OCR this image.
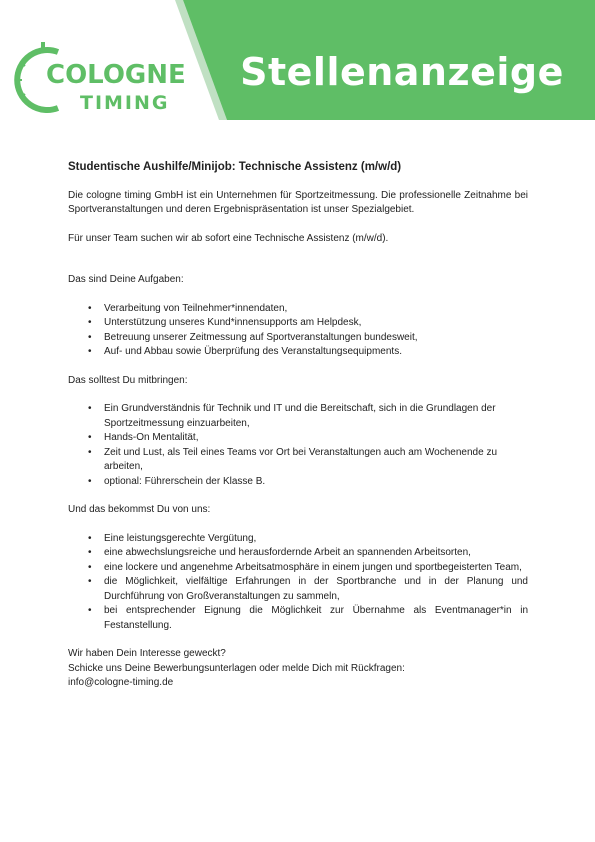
Stellenanzeige
COLOGNE
TIMING

Studentische Aushilfe/Minijob: Technische Assistenz (m/w/d)

Die cologne timing GmbH ist ein Unternehmen für Sportzeitmessung. Die professionelle Zeitnahme bei Sportveranstaltungen und deren Ergebnispräsentation ist unser Spezialgebiet.

Für unser Team suchen wir ab sofort eine Technische Assistenz (m/w/d).

Das sind Deine Aufgaben:

• Verarbeitung von Teilnehmer*innendaten,
• Unterstützung unseres Kund*innensupports am Helpdesk,
• Betreuung unserer Zeitmessung auf Sportveranstaltungen bundesweit,
• Auf- und Abbau sowie Überprüfung des Veranstaltungsequipments.

Das solltest Du mitbringen:

• Ein Grundverständnis für Technik und IT und die Bereitschaft, sich in die Grundlagen der Sportzeitmessung einzuarbeiten,
• Hands-On Mentalität,
• Zeit und Lust, als Teil eines Teams vor Ort bei Veranstaltungen auch am Wochenende zu arbeiten,
• optional: Führerschein der Klasse B.

Und das bekommst Du von uns:

• Eine leistungsgerechte Vergütung,
• eine abwechslungsreiche und herausfordernde Arbeit an spannenden Arbeitsorten,
• eine lockere und angenehme Arbeitsatmosphäre in einem jungen und sportbegeisterten Team,
• die Möglichkeit, vielfältige Erfahrungen in der Sportbranche und in der Planung und Durchführung von Großveranstaltungen zu sammeln,
• bei entsprechender Eignung die Möglichkeit zur Übernahme als Eventmanager*in in Festanstellung.

Wir haben Dein Interesse geweckt?

Schicke uns Deine Bewerbungsunterlagen oder melde Dich mit Rückfragen:

info@cologne-timing.de
